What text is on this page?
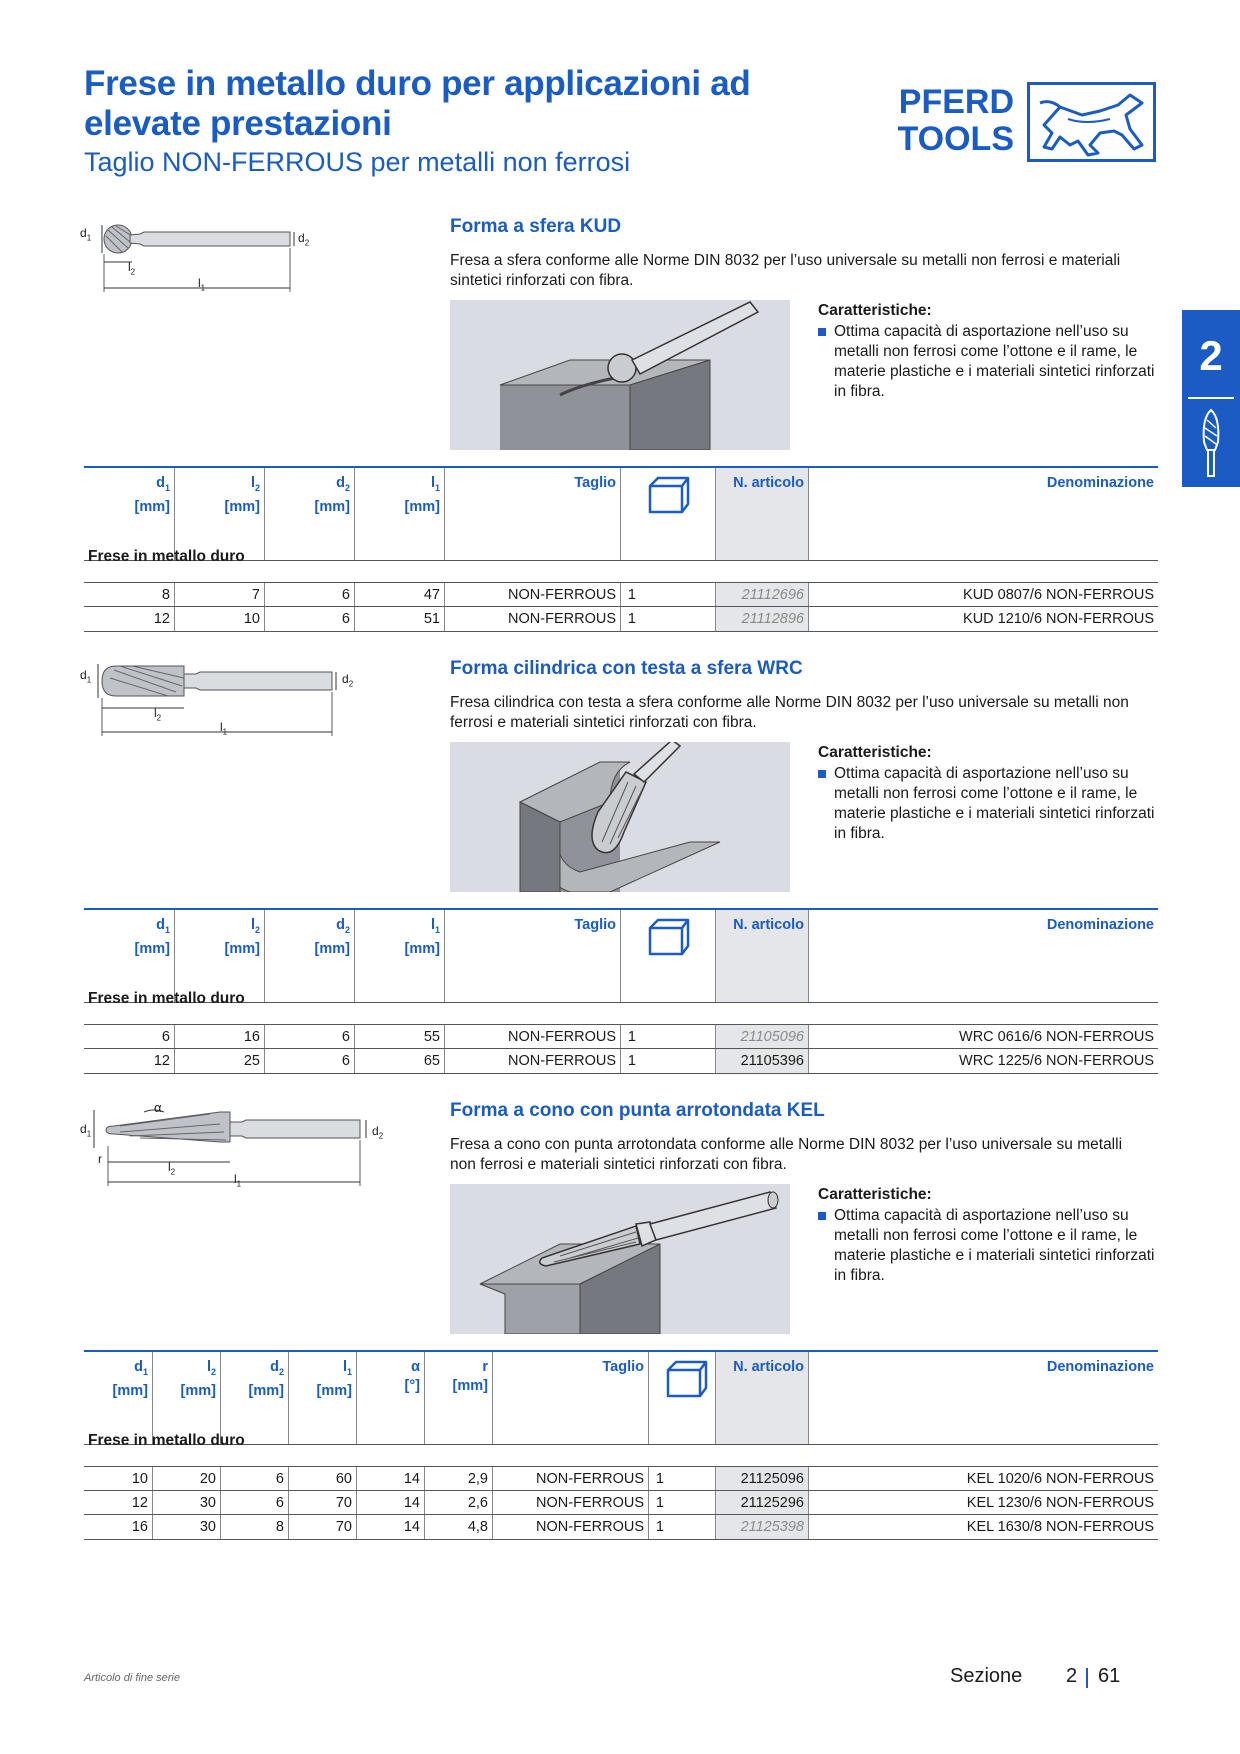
Frese in metallo duro per applicazioni ad elevate prestazioni
Taglio NON-FERROUS per metalli non ferrosi
PFERD
TOOLS
2
$d_1$	$d_2$
$l_2$
$l_1$
Forma a sfera KUD
Fresa a sfera conforme alle Norme DIN 8032 per l’uso universale su metalli non ferrosi e materiali sintetici rinforzati con fibra.
Caratteristiche:
Ottima capacità di asportazione nell’uso su metalli non ferrosi come l’ottone e il rame, le materie plastiche e i materiali sintetici rinforzati in fibra.
$d_1$
[mm]
$l_2$
[mm]
$d_2$
[mm]
$l_1$
[mm]
Taglio	N. articolo	Denominazione
Frese in metallo duro
8	7	6	47	NON-FERROUS 1	21112696	KUD 0807/6 NON-FERROUS
12	10	6	51	NON-FERROUS 1	21112896	KUD 1210/6 NON-FERROUS
$d_1$	$d_2$
$l_2$
$l_1$
Forma cilindrica con testa a sfera WRC
Fresa cilindrica con testa a sfera conforme alle Norme DIN 8032 per l’uso universale su metalli non ferrosi e materiali sintetici rinforzati con fibra.
Caratteristiche:
Ottima capacità di asportazione nell’uso su metalli non ferrosi come l’ottone e il rame, le materie plastiche e i materiali sintetici rinforzati in fibra.
$d_1$
[mm]
$l_2$
[mm]
$d_2$
[mm]
$l_1$
[mm]
Taglio	N. articolo	Denominazione
Frese in metallo duro
6	16	6	55	NON-FERROUS 1	21105096	WRC 0616/6 NON-FERROUS
12	25	6	65	NON-FERROUS 1	21105396	WRC 1225/6 NON-FERROUS
α
$d_1$	$d_2$
r
$l_2$
$l_1$
Forma a cono con punta arrotondata KEL
Fresa a cono con punta arrotondata conforme alle Norme DIN 8032 per l’uso universale su metalli non ferrosi e materiali sintetici rinforzati con fibra.
Caratteristiche:
Ottima capacità di asportazione nell’uso su metalli non ferrosi come l’ottone e il rame, le materie plastiche e i materiali sintetici rinforzati in fibra.
$d_1$
[mm]
$l_2$
[mm]
$d_2$
[mm]
$l_1$
[mm]
α
[°]
r
[mm]
Taglio	N. articolo	Denominazione
Frese in metallo duro
10	20	6	60	14	2,9	NON-FERROUS 1	21125096	KEL 1020/6 NON-FERROUS
12	30	6	70	14	2,6	NON-FERROUS 1	21125296	KEL 1230/6 NON-FERROUS
16	30	8	70	14	4,8	NON-FERROUS 1	21125398	KEL 1630/8 NON-FERROUS
Articolo di fine serie	Sezione 2 61
